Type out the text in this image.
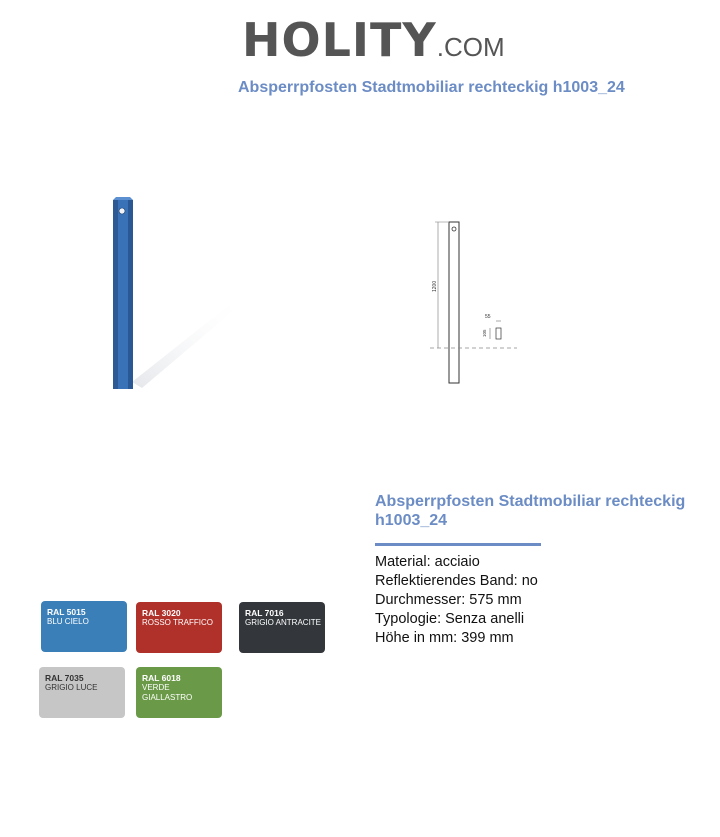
HOLITY.COM
Absperrpfosten Stadtmobiliar rechteckig h1003_24
1200
55
105
Absperrpfosten Stadtmobiliar rechteckig h1003_24
Material: acciaio
Reflektierendes Band: no
Durchmesser: 575 mm
Typologie: Senza anelli
Höhe in mm: 399 mm
RAL 5015
BLU CIELO
RAL 3020
ROSSO TRAFFICO
RAL 7016
GRIGIO ANTRACITE
RAL 7035
GRIGIO LUCE
RAL 6018
VERDE GIALLASTRO
